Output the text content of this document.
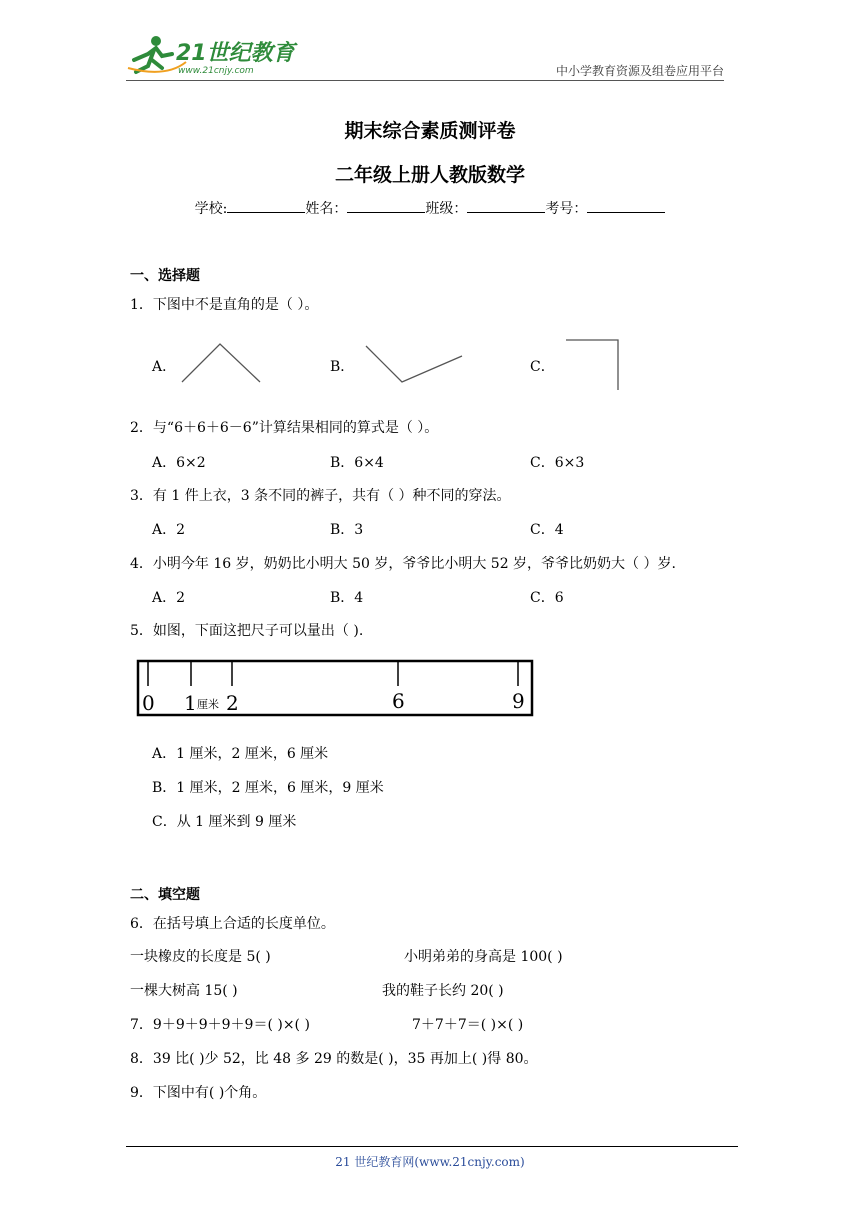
21世纪教育
www.21cnjy.com	中小学教育资源及组卷应用平台
期末综合素质测评卷
二年级上册人教版数学
学校:	姓名：	班级：	考号：
一、选择题
1．下图中不是直角的是（ ）。
A．	B．	C．
2．与“6＋6＋6－6”计算结果相同的算式是（ ）。
A．6×2	B．6×4	C．6×3
3．有 1 件上衣，3 条不同的裤子，共有（ ）种不同的穿法。
A．2	B．3	C．4
4．小明今年 16 岁，奶奶比小明大 50 岁，爷爷比小明大 52 岁，爷爷比奶奶大（ ）岁.
A．2	B．4	C．6
5．如图，下面这把尺子可以量出（ ).
0 1 厘米 2	6	9
A．1 厘米，2 厘米，6 厘米
B．1 厘米，2 厘米，6 厘米，9 厘米
C．从 1 厘米到 9 厘米
二、填空题
6．在括号填上合适的长度单位。
一块橡皮的长度是 5( )	小明弟弟的身高是 100( )
一棵大树高 15( )	我的鞋子长约 20( )
7．9＋9＋9＋9＋9＝( )×( )	7＋7＋7＝( )×( )
8．39 比( )少 52，比 48 多 29 的数是( )，35 再加上( )得 80。
9．下图中有( )个角。
21 世纪教育网(www.21cnjy.com)
